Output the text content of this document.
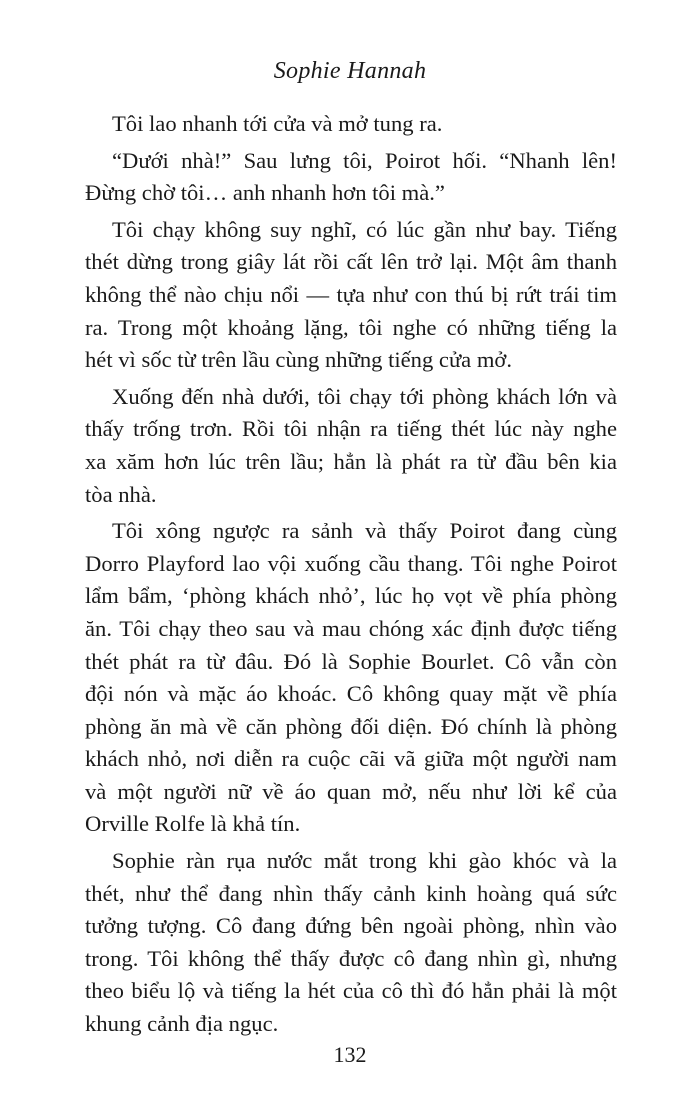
Sophie Hannah

Tôi lao nhanh tới cửa và mở tung ra.

“Dưới nhà!” Sau lưng tôi, Poirot hối. “Nhanh lên!
Đừng chờ tôi… anh nhanh hơn tôi mà.”

Tôi chạy không suy nghĩ, có lúc gần như bay. Tiếng
thét dừng trong giây lát rồi cất lên trở lại. Một âm thanh
không thể nào chịu nổi — tựa như con thú bị rứt trái tim
ra. Trong một khoảng lặng, tôi nghe có những tiếng la
hét vì sốc từ trên lầu cùng những tiếng cửa mở.

Xuống đến nhà dưới, tôi chạy tới phòng khách lớn và
thấy trống trơn. Rồi tôi nhận ra tiếng thét lúc này nghe
xa xăm hơn lúc trên lầu; hẳn là phát ra từ đầu bên kia
tòa nhà.

Tôi xông ngược ra sảnh và thấy Poirot đang cùng
Dorro Playford lao vội xuống cầu thang. Tôi nghe Poirot
lẩm bẩm, ‘phòng khách nhỏ’, lúc họ vọt về phía phòng
ăn. Tôi chạy theo sau và mau chóng xác định được tiếng
thét phát ra từ đâu. Đó là Sophie Bourlet. Cô vẫn còn
đội nón và mặc áo khoác. Cô không quay mặt về phía
phòng ăn mà về căn phòng đối diện. Đó chính là phòng
khách nhỏ, nơi diễn ra cuộc cãi vã giữa một người nam
và một người nữ về áo quan mở, nếu như lời kể của
Orville Rolfe là khả tín.

Sophie ràn rụa nước mắt trong khi gào khóc và la
thét, như thể đang nhìn thấy cảnh kinh hoàng quá sức
tưởng tượng. Cô đang đứng bên ngoài phòng, nhìn vào
trong. Tôi không thể thấy được cô đang nhìn gì, nhưng
theo biểu lộ và tiếng la hét của cô thì đó hẳn phải là một
khung cảnh địa ngục.

132
